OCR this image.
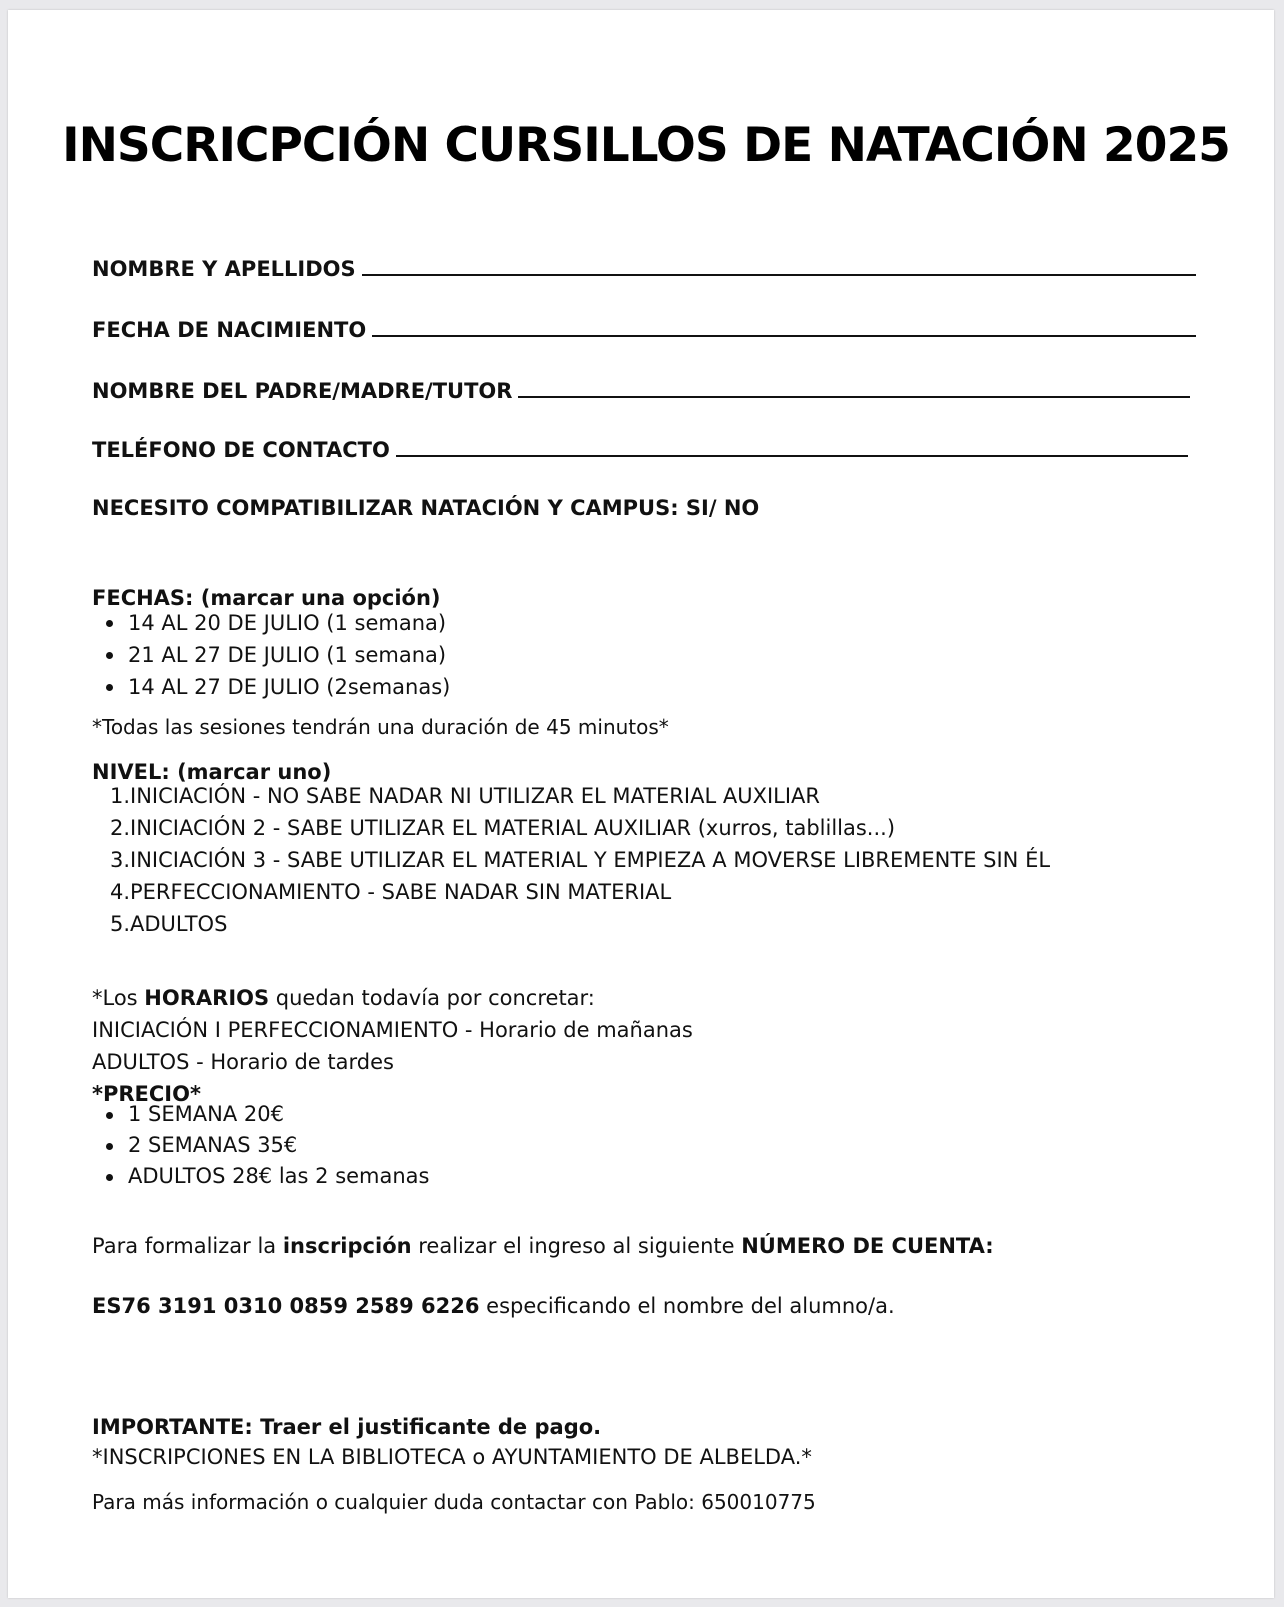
INSCRICPCIÓN CURSILLOS DE NATACIÓN 2025
NOMBRE Y APELLIDOS
FECHA DE NACIMIENTO
NOMBRE DEL PADRE/MADRE/TUTOR
TELÉFONO DE CONTACTO
NECESITO COMPATIBILIZAR NATACIÓN Y CAMPUS: SI/ NO
FECHAS: (marcar una opción)
14 AL 20 DE JULIO (1 semana)
21 AL 27 DE JULIO (1 semana)
14 AL 27 DE JULIO (2semanas)
*Todas las sesiones tendrán una duración de 45 minutos*
NIVEL: (marcar uno)
1.INICIACIÓN - NO SABE NADAR NI UTILIZAR EL MATERIAL AUXILIAR
2.INICIACIÓN 2 - SABE UTILIZAR EL MATERIAL AUXILIAR (xurros, tablillas...)
3.INICIACIÓN 3 - SABE UTILIZAR EL MATERIAL Y EMPIEZA A MOVERSE LIBREMENTE SIN ÉL
4.PERFECCIONAMIENTO - SABE NADAR SIN MATERIAL
5.ADULTOS
*Los HORARIOS quedan todavía por concretar:
INICIACIÓN I PERFECCIONAMIENTO - Horario de mañanas
ADULTOS - Horario de tardes
*PRECIO*
1 SEMANA 20€
2 SEMANAS 35€
ADULTOS 28€ las 2 semanas
Para formalizar la inscripción realizar el ingreso al siguiente NÚMERO DE CUENTA:
ES76 3191 0310 0859 2589 6226 especificando el nombre del alumno/a.
IMPORTANTE: Traer el justificante de pago.
*INSCRIPCIONES EN LA BIBLIOTECA o AYUNTAMIENTO DE ALBELDA.*
Para más información o cualquier duda contactar con Pablo: 650010775
